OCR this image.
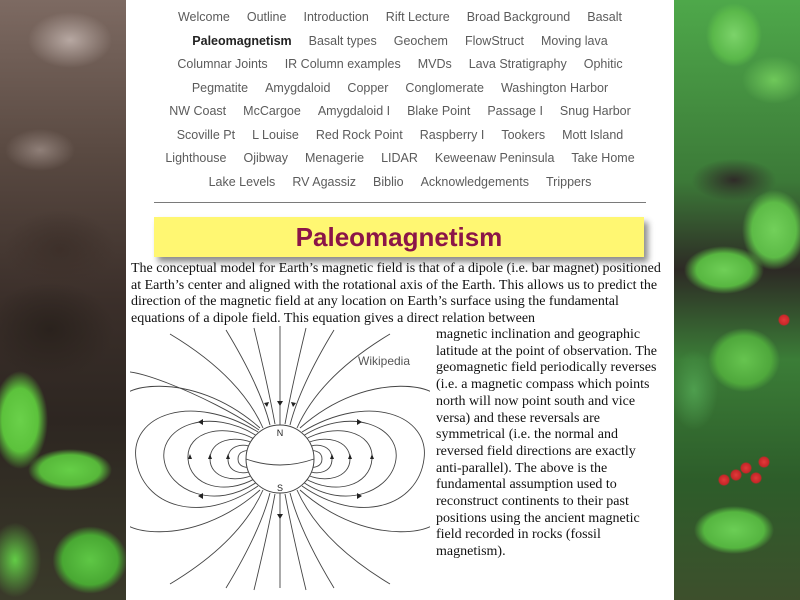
Welcome Outline Introduction Rift Lecture Broad Background Basalt
Paleomagnetism Basalt types Geochem FlowStruct Moving lava
Columnar Joints IR Column examples MVDs Lava Stratigraphy Ophitic
Pegmatite Amygdaloid Copper Conglomerate Washington Harbor
NW Coast McCargoe Amygdaloid I Blake Point Passage I Snug Harbor
Scoville Pt L Louise Red Rock Point Raspberry I Tookers Mott Island
Lighthouse Ojibway Menagerie LIDAR Keweenaw Peninsula Take Home
Lake Levels RV Agassiz Biblio Acknowledgements Trippers
Paleomagnetism

The conceptual model for Earth’s magnetic field is that of a dipole (i.e. bar magnet) positioned at Earth’s center and aligned with the rotational axis of the Earth. This allows us to predict the direction of the magnetic field at any location on Earth’s surface using the fundamental equations of a dipole field. This equation gives a direct relation between

N
S
Wikipedia

magnetic inclination and geographic latitude at the point of observation. The geomagnetic field periodically reverses (i.e. a magnetic compass which points north will now point south and vice versa) and these reversals are symmetrical (i.e. the normal and reversed field directions are exactly anti-parallel). The above is the fundamental assumption used to reconstruct continents to their past positions using the ancient magnetic field recorded in rocks (fossil magnetism).
